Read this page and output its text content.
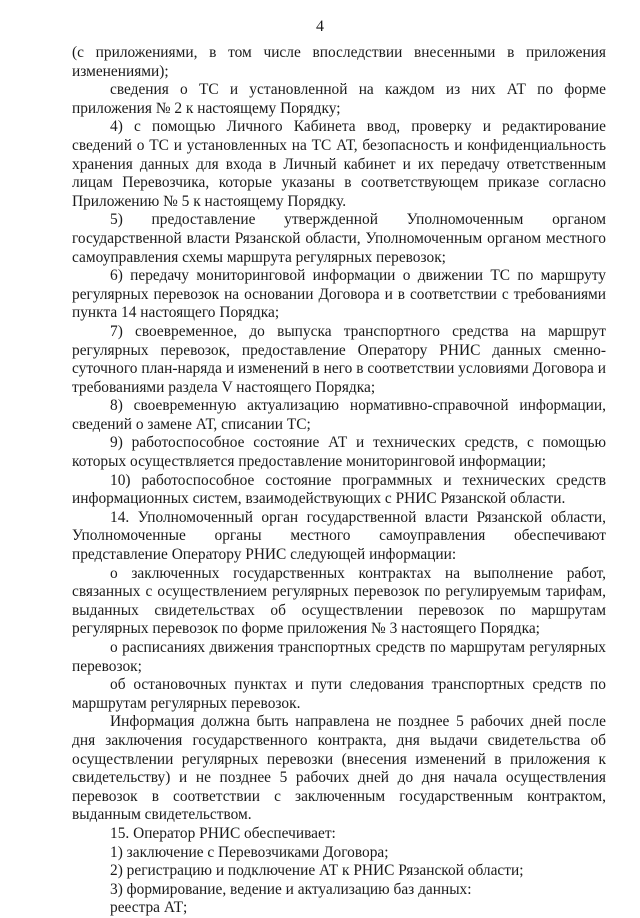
4

(с приложениями, в том числе впоследствии внесенными в приложения изменениями);

сведения о ТС и установленной на каждом из них АТ по форме приложения № 2 к настоящему Порядку;

4) с помощью Личного Кабинета ввод, проверку и редактирование сведений о ТС и установленных на ТС АТ, безопасность и конфиденциальность хранения данных для входа в Личный кабинет и их передачу ответственным лицам Перевозчика, которые указаны в соответствующем приказе согласно Приложению № 5 к настоящему Порядку.

5) предоставление утвержденной Уполномоченным органом государственной власти Рязанской области, Уполномоченным органом местного самоуправления схемы маршрута регулярных перевозок;

6) передачу мониторинговой информации о движении ТС по маршруту регулярных перевозок на основании Договора и в соответствии с требованиями пункта 14 настоящего Порядка;

7) своевременное, до выпуска транспортного средства на маршрут регулярных перевозок, предоставление Оператору РНИС данных сменно-суточного план-наряда и изменений в него в соответствии условиями Договора и требованиями раздела V настоящего Порядка;

8) своевременную актуализацию нормативно-справочной информации, сведений о замене АТ, списании ТС;

9) работоспособное состояние АТ и технических средств, с помощью которых осуществляется предоставление мониторинговой информации;

10) работоспособное состояние программных и технических средств информационных систем, взаимодействующих с РНИС Рязанской области.

14. Уполномоченный орган государственной власти Рязанской области, Уполномоченные органы местного самоуправления обеспечивают представление Оператору РНИС следующей информации:

о заключенных государственных контрактах на выполнение работ, связанных с осуществлением регулярных перевозок по регулируемым тарифам, выданных свидетельствах об осуществлении перевозок по маршрутам регулярных перевозок по форме приложения № 3 настоящего Порядка;

о расписаниях движения транспортных средств по маршрутам регулярных перевозок;

об остановочных пунктах и пути следования транспортных средств по маршрутам регулярных перевозок.

Информация должна быть направлена не позднее 5 рабочих дней после дня заключения государственного контракта, дня выдачи свидетельства об осуществлении регулярных перевозки (внесения изменений в приложения к свидетельству) и не позднее 5 рабочих дней до дня начала осуществления перевозок в соответствии с заключенным государственным контрактом, выданным свидетельством.

15. Оператор РНИС обеспечивает:

1) заключение с Перевозчиками Договора;

2) регистрацию и подключение АТ к РНИС Рязанской области;

3) формирование, ведение и актуализацию баз данных:

реестра АТ;
